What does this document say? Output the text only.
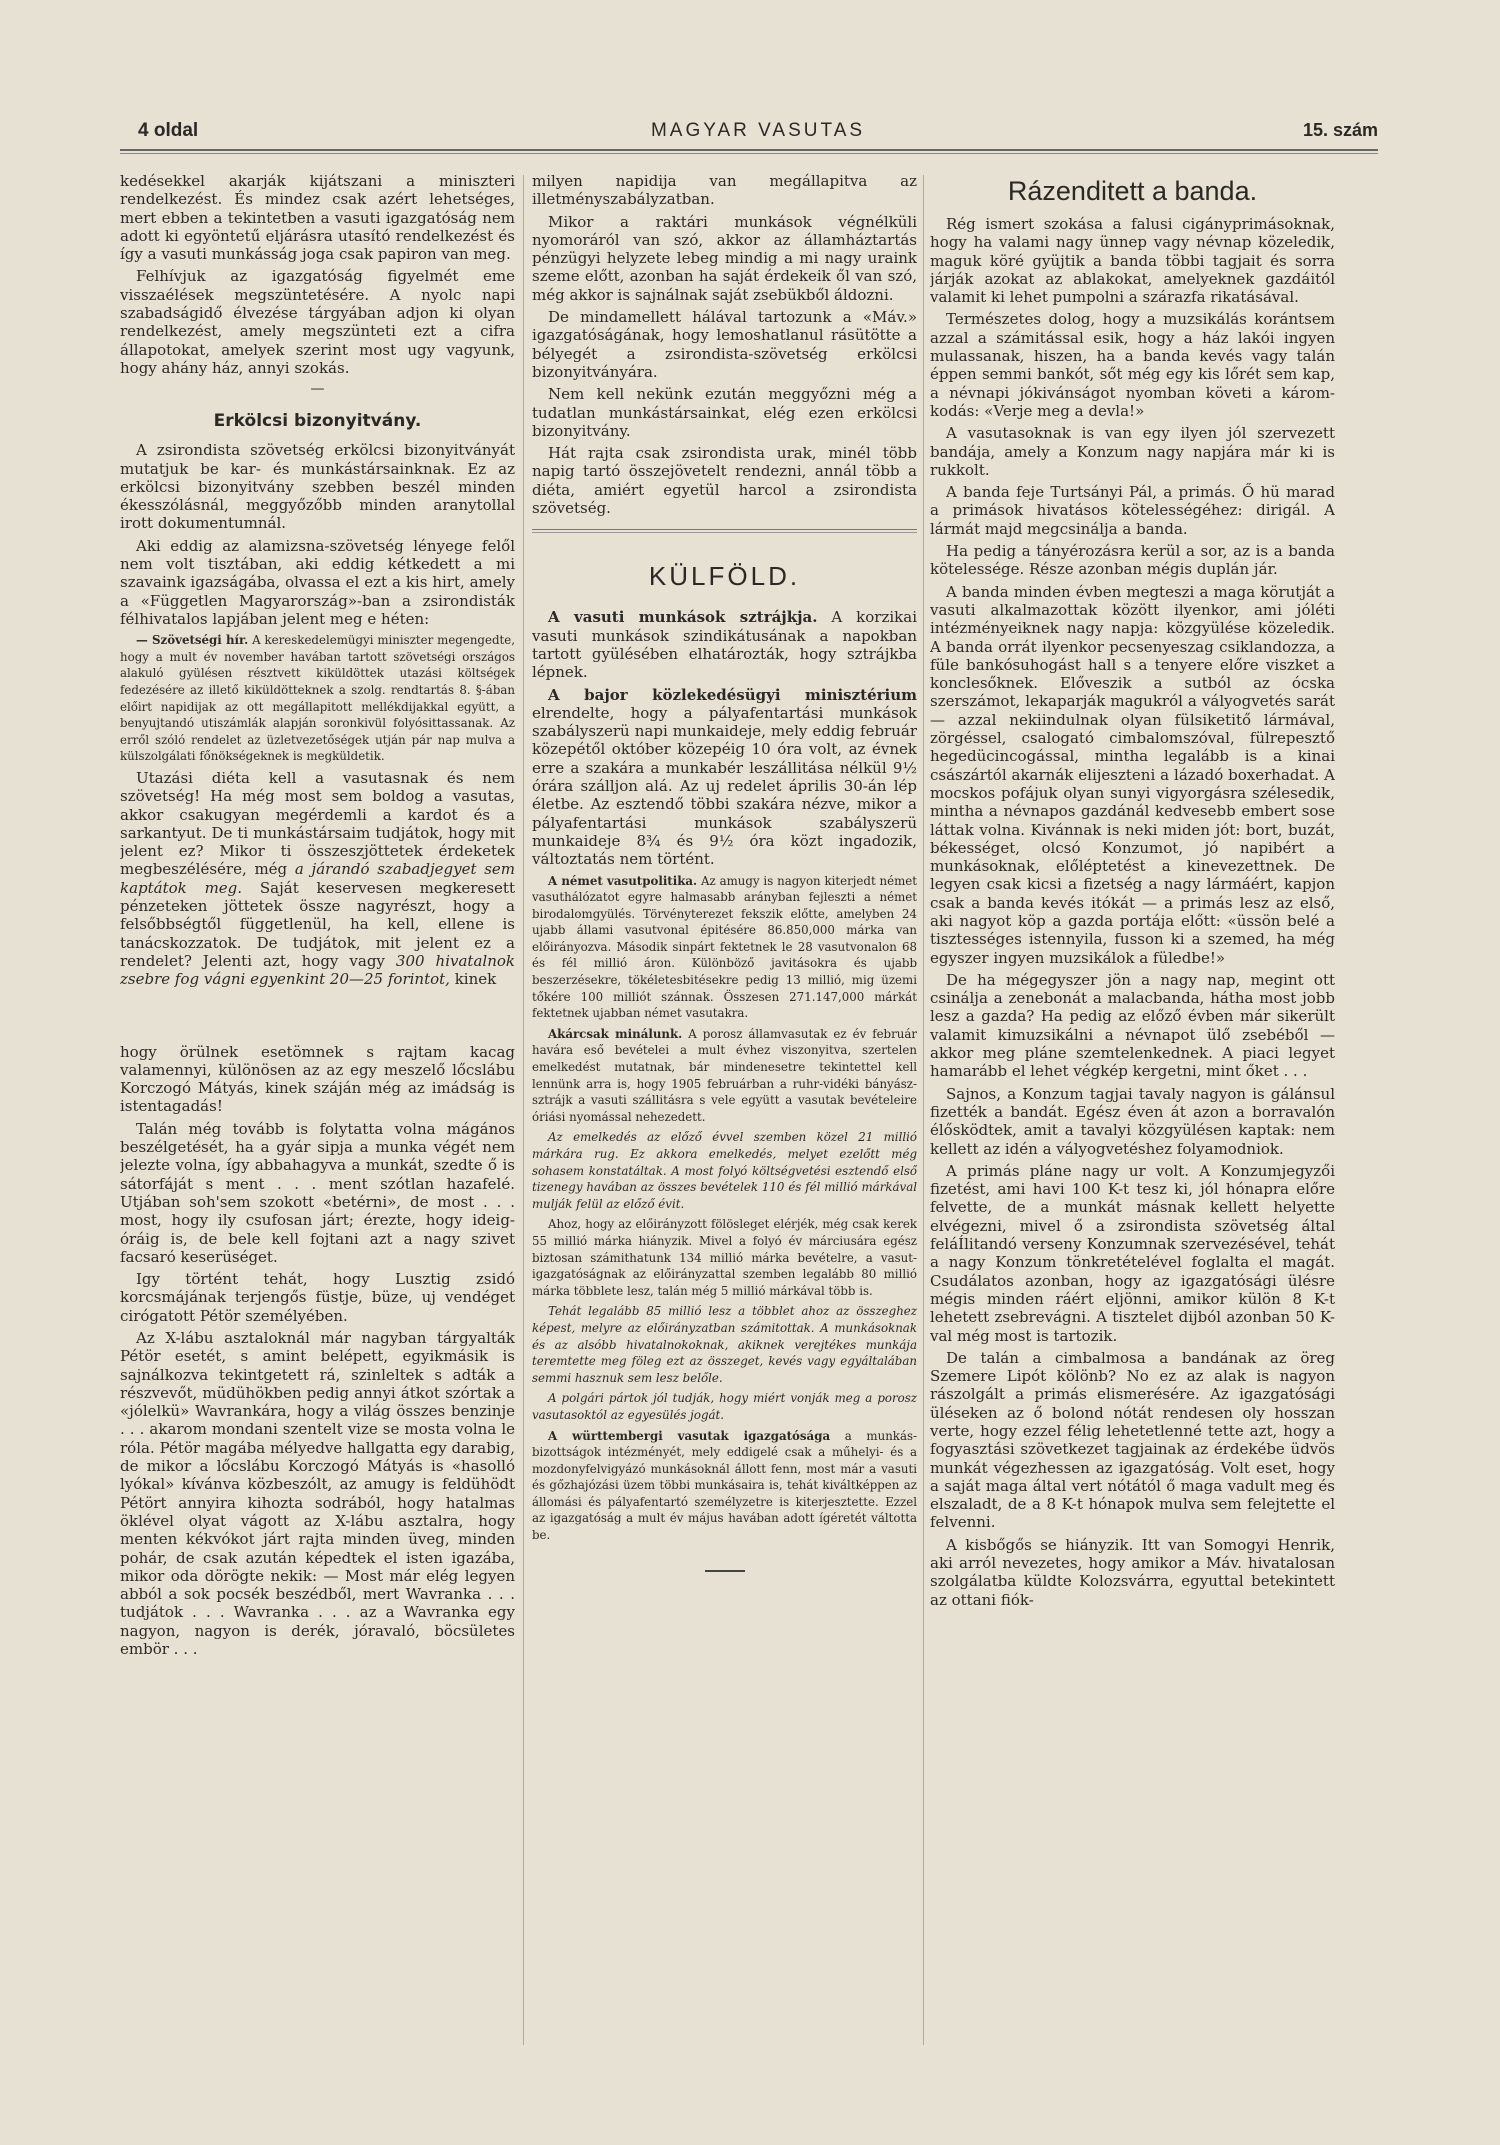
4 oldal	MAGYAR VASUTAS	15. szám

kedésekkel akarják kijátszani a miniszteri rendelkezést. És mindez csak azért lehetséges, mert ebben a tekintetben a vasuti igazgatóság nem adott ki egyöntetű eljárásra utasító rendelkezést és így a vasuti munkásság joga csak papiron van meg.

Felhívjuk az igazgatóság figyelmét eme visszaélések megszüntetésére. A nyolc napi szabadságidő élvezése tárgyában adjon ki olyan rendelkezést, amely megszünteti ezt a cifra állapotokat, amelyek szerint most ugy vagyunk, hogy ahány ház, annyi szokás.

—
Erkölcsi bizonyitvány.

A zsirondista szövetség erkölcsi bizonyitványát mutatjuk be kar- és munkástársainknak. Ez az erkölcsi bizonyitvány szebben beszél minden ékesszólásnál, meggyőzőbb minden aranytollal irott dokumentumnál.

Aki eddig az alamizsna-szövetség lényege felől nem volt tisztában, aki eddig kétkedett a mi szavaink igazságába, olvassa el ezt a kis hirt, amely a «Független Magyarország»-ban a zsirondisták félhivatalos lapjában jelent meg e héten:

— Szövetségi hír. A kereskedelemügyi miniszter megengedte, hogy a mult év november havában tartott szövetségi országos alakuló gyülésen résztvett kiküldöttek utazási költségek fedezésére az illető kiküldötteknek a szolg. rendtartás 8. §-ában előirt napidijak az ott megállapitott mellékdijakkal együtt, a benyujtandó utiszámlák alapján soronkivül folyósittassanak. Az erről szóló rendelet az üzletvezetőségek utján pár nap mulva a külszolgálati főnökségeknek is megküldetik.

Utazási diéta kell a vasutasnak és nem szövetség! Ha még most sem boldog a vasutas, akkor csakugyan megérdemli a kardot és a sarkantyut. De ti munkástársaim tudjátok, hogy mit jelent ez? Mikor ti összeszjöttetek érdeketek megbeszélésére, még a járandó szabadjegyet sem kaptátok meg. Saját keservesen megkeresett pénzeteken jöttetek össze nagyrészt, hogy a felsőbbségtől függetlenül, ha kell, ellene is tanácskozzatok. De tudjátok, mit jelent ez a rendelet? Jelenti azt, hogy vagy 300 hivatalnok zsebre fog vágni egyenkint 20—25 forintot, kinek

hogy örülnek esetömnek s rajtam kacag valamennyi, különösen az az egy meszelő lőcslábu Korczogó Mátyás, kinek száján még az imádság is istentagadás!

Talán még tovább is folytatta volna mágános beszélgetését, ha a gyár sipja a munka végét nem jelezte volna, így abbahagyva a munkát, szedte ő is sátorfáját s ment . . . ment szótlan hazafelé. Utjában soh'sem szokott «betérni», de most . . . most, hogy ily csufosan járt; érezte, hogy ideig-óráig is, de bele kell fojtani azt a nagy szivet facsaró keserüséget.

Igy történt tehát, hogy Lusztig zsidó korcsmájának terjengős füstje, büze, uj vendéget cirógatott Pétör személyében.

Az X-lábu asztaloknál már nagyban tárgyalták Pétör esetét, s amint belépett, egyikmásik is sajnálkozva tekintgetett rá, szinleltek s adták a részvevőt, müdühökben pedig annyi átkot szórtak a «jólelkü» Wavrankára, hogy a világ összes benzinje . . . akarom mondani szentelt vize se mosta volna le róla. Pétör magába mélyedve hallgatta egy darabig, de mikor a lőcslábu Korczogó Mátyás is «hasolló lyókal» kívánva közbeszólt, az amugy is feldühödt Pétört annyira kihozta sodrából, hogy hatalmas öklével olyat vágott az X-lábu asztalra, hogy menten kékvókot járt rajta minden üveg, minden pohár, de csak azután képedtek el isten igazába, mikor oda dörögte nekik: — Most már elég legyen abból a sok pocsék beszédből, mert Wavranka . . . tudjátok . . . Wavranka . . . az a Wavranka egy nagyon, nagyon is derék, jóravaló, böcsületes embör . . .

milyen napidija van megállapitva az illetményszabályzatban.

Mikor a raktári munkások végnélküli nyomoráról van szó, akkor az államháztartás pénzügyi helyzete lebeg mindig a mi nagy uraink szeme előtt, azonban ha saját érdekeik ől van szó, még akkor is sajnálnak saját zsebükből áldozni.

De mindamellett hálával tartozunk a «Máv.» igazgatóságának, hogy lemoshatlanul rásütötte a bélyegét a zsirondista-szövetség erkölcsi bizonyitványára.

Nem kell nekünk ezután meggyőzni még a tudatlan munkástársainkat, elég ezen erkölcsi bizonyitvány.

Hát rajta csak zsirondista urak, minél több napig tartó összejövetelt rendezni, annál több a diéta, amiért egyetül harcol a zsirondista szövetség.

KÜLFÖLD.

A vasuti munkások sztrájkja. A korzikai vasuti munkások szindikátusának a napokban tartott gyülésében elhatározták, hogy sztrájkba lépnek.

A bajor közlekedésügyi minisztérium elrendelte, hogy a pályafentartási munkások szabályszerü napi munkaideje, mely eddig február közepétől október közepéig 10 óra volt, az évnek erre a szakára a munkabér leszállitása nélkül 9½ órára szálljon alá. Az uj redelet április 30-án lép életbe. Az esztendő többi szakára nézve, mikor a pályafentartási munkások szabályszerü munkaideje 8¾ és 9½ óra közt ingadozik, változtatás nem történt.

A német vasutpolitika. Az amugy is nagyon kiterjedt német vasuthálózatot egyre halmasabb arányban fejleszti a német birodalomgyülés. Törvényterezet fekszik előtte, amelyben 24 ujabb állami vasutvonal épitésére 86.850,000 márka van előirányozva. Második sinpárt fektetnek le 28 vasutvonalon 68 és fél millió áron. Különböző javitásokra és ujabb beszerzésekre, tökéletesbitésekre pedig 13 millió, mig üzemi tőkére 100 milliót szánnak. Összesen 271.147,000 márkát fektetnek ujabban német vasutakra.

Akárcsak minálunk. A porosz államvasutak ez év február havára eső bevételei a mult évhez viszonyitva, szertelen emelkedést mutatnak, bár mindenesetre tekintettel kell lennünk arra is, hogy 1905 februárban a ruhr-vidéki bányász-sztrájk a vasuti szállitásra s vele együtt a vasutak bevételeire óriási nyomással nehezedett.

Az emelkedés az előző évvel szemben közel 21 millió márkára rug. Ez akkora emelkedés, melyet ezelőtt még sohasem konstatáltak. A most folyó költségvetési esztendő első tizenegy havában az összes bevételek 110 és fél millió márkával mulják felül az előző évit.

Ahoz, hogy az előirányzott fölösleget elérjék, még csak kerek 55 millió márka hiányzik. Mivel a folyó év márciusára egész biztosan számithatunk 134 millió márka bevételre, a vasut-igazgatóságnak az előirányzattal szemben legalább 80 millió márka többlete lesz, talán még 5 millió márkával több is.

Tehát legalább 85 millió lesz a többlet ahoz az összeghez képest, melyre az előirányzatban számitottak. A munkásoknak és az alsóbb hivatalnokoknak, akiknek verejtékes munkája teremtette meg föleg ezt az összeget, kevés vagy egyáltalában semmi hasznuk sem lesz belőle.

A polgári pártok jól tudják, hogy miért vonják meg a porosz vasutasoktól az egyesülés jogát.

A württembergi vasutak igazgatósága a munkás-bizottságok intézményét, mely eddigelé csak a műhelyi- és a mozdonyfelvigyázó munkásoknál állott fenn, most már a vasuti és gőzhajózási üzem többi munkásaira is, tehát kiváltképpen az állomási és pályafentartó személyzetre is kiterjesztette. Ezzel az igazgatóság a mult év május havában adott ígéretét váltotta be.

Rázenditett a banda.

Rég ismert szokása a falusi cigányprimásoknak, hogy ha valami nagy ünnep vagy névnap közeledik, maguk köré gyüjtik a banda többi tagjait és sorra járják azokat az ablakokat, amelyeknek gazdáitól valamit ki lehet pumpolni a szárazfa rikatásával.

Természetes dolog, hogy a muzsikálás korántsem azzal a számitással esik, hogy a ház lakói ingyen mulassanak, hiszen, ha a banda kevés vagy talán éppen semmi bankót, sőt még egy kis lőrét sem kap, a névnapi jókivánságot nyomban követi a károm-kodás: «Verje meg a devla!»

A vasutasoknak is van egy ilyen jól szervezett bandája, amely a Konzum nagy napjára már ki is rukkolt.

A banda feje Turtsányi Pál, a primás. Ő hü marad a primások hivatásos kötelességéhez: dirigál. A lármát majd megcsinálja a banda.

Ha pedig a tányérozásra kerül a sor, az is a banda kötelessége. Része azonban mégis duplán jár.

A banda minden évben megteszi a maga körutját a vasuti alkalmazottak között ilyenkor, ami jóléti intézményeiknek nagy napja: közgyülése közeledik. A banda orrát ilyenkor pecsenyeszag csiklandozza, a füle bankósuhogást hall s a tenyere előre viszket a konclesőknek. Előveszik a sutból az ócska szerszámot, lekaparják magukról a vályogvetés sarát — azzal nekiindulnak olyan fülsiketitő lármával, zörgéssel, csalogató cimbalomszóval, fülrepesztő hegedücincogással, mintha legalább is a kinai császártól akarnák elijeszteni a lázadó boxerhadat. A mocskos pofájuk olyan sunyi vigyorgásra szélesedik, mintha a névnapos gazdánál kedvesebb embert sose láttak volna. Kivánnak is neki miden jót: bort, buzát, békességet, olcsó Konzumot, jó napibért a munkásoknak, előléptetést a kinevezettnek. De legyen csak kicsi a fizetség a nagy lármáért, kapjon csak a banda kevés itókát — a primás lesz az első, aki nagyot köp a gazda portája előtt: «üssön belé a tisztességes istennyila, fusson ki a szemed, ha még egyszer ingyen muzsikálok a füledbe!»

De ha mégegyszer jön a nagy nap, megint ott csinálja a zenebonát a malacbanda, hátha most jobb lesz a gazda? Ha pedig az előző évben már sikerült valamit kimuzsikálni a névnapot ülő zsebéből — akkor meg pláne szemtelenkednek. A piaci legyet hamarább el lehet végkép kergetni, mint őket . . .

Sajnos, a Konzum tagjai tavaly nagyon is gálánsul fizették a bandát. Egész éven át azon a borravalón élősködtek, amit a tavalyi közgyülésen kaptak: nem kellett az idén a vályogvetéshez folyamodniok.

A primás pláne nagy ur volt. A Konzumjegyzői fizetést, ami havi 100 K-t tesz ki, jól hónapra előre felvette, de a munkát másnak kellett helyette elvégezni, mivel ő a zsirondista szövetség által feláÍlitandó verseny Konzumnak szervezésével, tehát a nagy Konzum tönkretételével foglalta el magát. Csudálatos azonban, hogy az igazgatósági ülésre mégis minden ráért eljönni, amikor külön 8 K-t lehetett zsebrevágni. A tisztelet dijból azonban 50 K-val még most is tartozik.

De talán a cimbalmosa a bandának az öreg Szemere Lipót kölönb? No ez az alak is nagyon rászolgált a primás elismerésére. Az igazgatósági üléseken az ő bolond nótát rendesen oly hosszan verte, hogy ezzel félig lehetetlenné tette azt, hogy a fogyasztási szövetkezet tagjainak az érdekébe üdvös munkát végezhessen az igazgatóság. Volt eset, hogy a saját maga által vert nótától ő maga vadult meg és elszaladt, de a 8 K-t hónapok mulva sem felejtette el felvenni.

A kisbőgős se hiányzik. Itt van Somogyi Henrik, aki arról nevezetes, hogy amikor a Máv. hivatalosan szolgálatba küldte Kolozsvárra, egyuttal betekintett az ottani fiók-
